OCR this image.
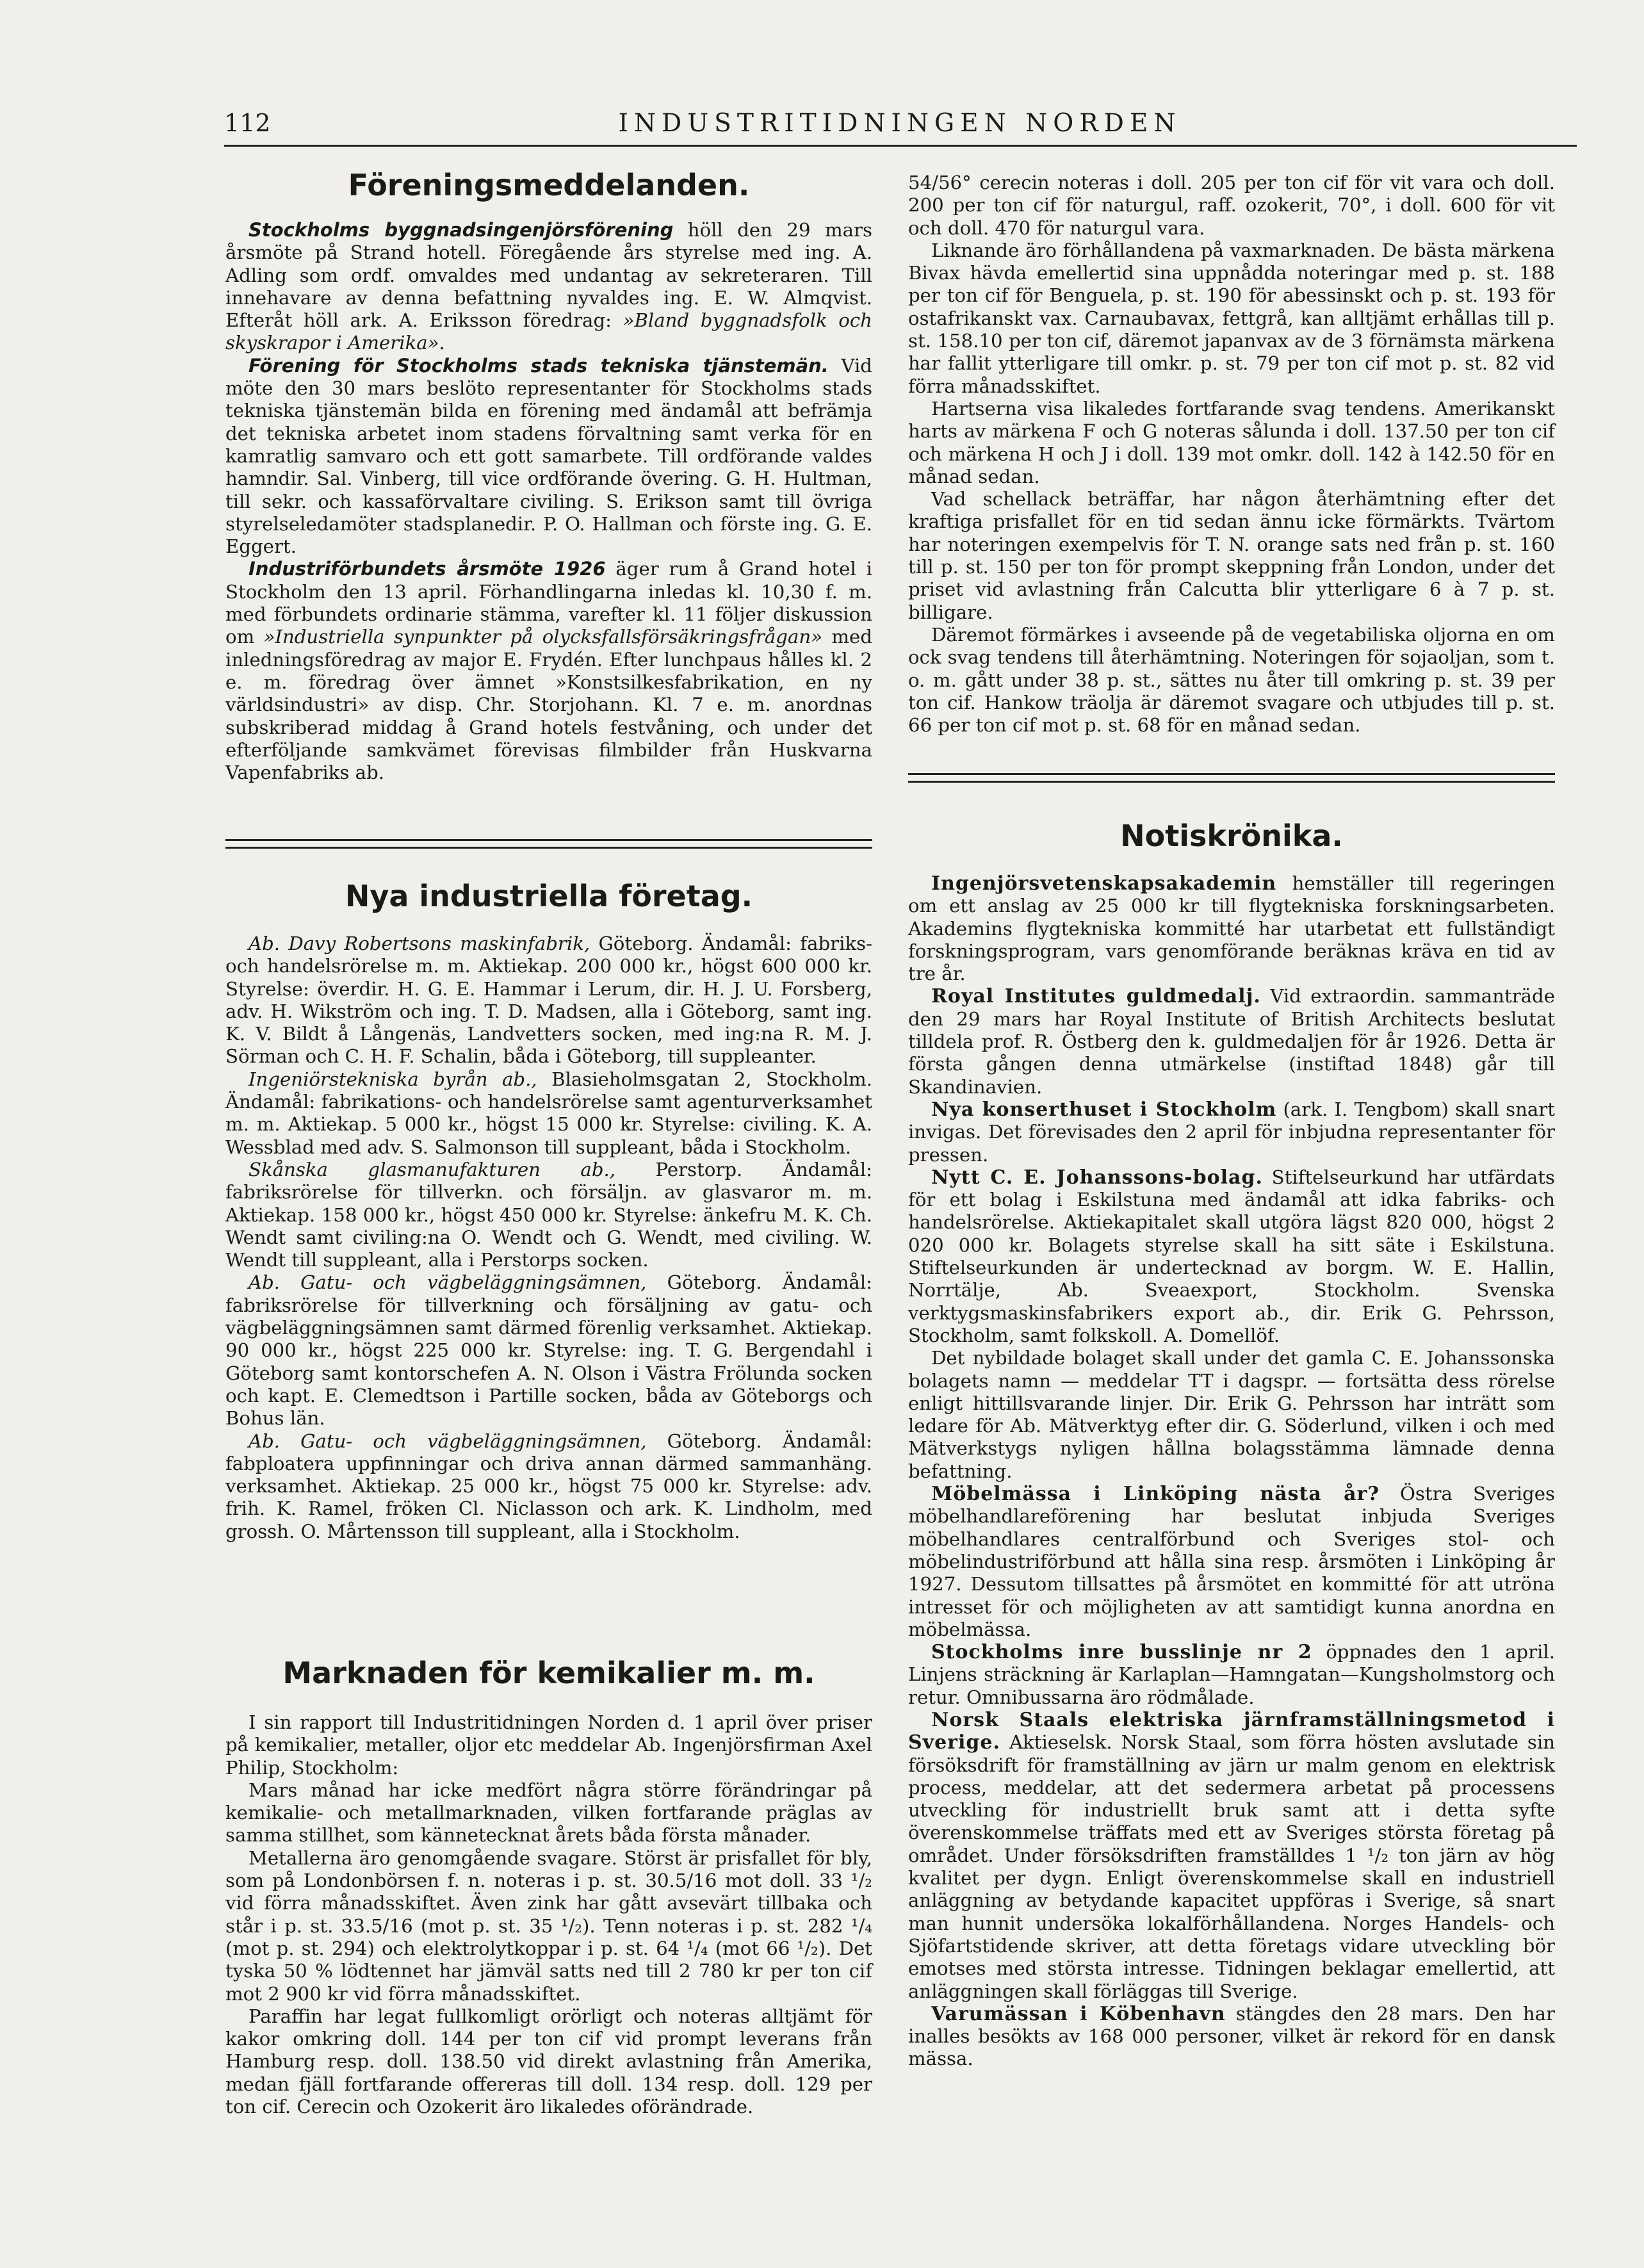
112	INDUSTRITIDNINGEN NORDEN
Föreningsmeddelanden.

Stockholms byggnadsingenjörsförening höll den 29 mars årsmöte på Strand hotell. Föregående års styrelse med ing. A. Adling som ordf. omvaldes med undantag av sekreteraren. Till innehavare av denna befattning nyvaldes ing. E. W. Almqvist. Efteråt höll ark. A. Eriksson föredrag: »Bland byggnadsfolk och skyskrapor i Amerika».

Förening för Stockholms stads tekniska tjänstemän. Vid möte den 30 mars beslöto representanter för Stockholms stads tekniska tjänstemän bilda en förening med ändamål att befrämja det tekniska arbetet inom stadens förvaltning samt verka för en kamratlig samvaro och ett gott samarbete. Till ordförande valdes hamndir. Sal. Vinberg, till vice ordförande övering. G. H. Hultman, till sekr. och kassaförvaltare civiling. S. Erikson samt till övriga styrelseledamöter stadsplanedir. P. O. Hallman och förste ing. G. E. Eggert.

Industriförbundets årsmöte 1926 äger rum å Grand hotel i Stockholm den 13 april. Förhandlingarna inledas kl. 10,30 f. m. med förbundets ordinarie stämma, varefter kl. 11 följer diskussion om »Industriella synpunkter på olycksfallsförsäkringsfrågan» med inledningsföredrag av major E. Frydén. Efter lunchpaus hålles kl. 2 e. m. föredrag över ämnet »Konstsilkesfabrikation, en ny världsindustri» av disp. Chr. Storjohann. Kl. 7 e. m. anordnas subskriberad middag å Grand hotels festvåning, och under det efterföljande samkvämet förevisas filmbilder från Huskvarna Vapenfabriks ab.

Nya industriella företag.

Ab. Davy Robertsons maskinfabrik, Göteborg. Ändamål: fabriks- och handelsrörelse m. m. Aktiekap. 200 000 kr., högst 600 000 kr. Styrelse: överdir. H. G. E. Hammar i Lerum, dir. H. J. U. Forsberg, adv. H. Wikström och ing. T. D. Madsen, alla i Göteborg, samt ing. K. V. Bildt å Långenäs, Landvetters socken, med ing:na R. M. J. Sörman och C. H. F. Schalin, båda i Göteborg, till suppleanter.

Ingeniörstekniska byrån ab., Blasieholmsgatan 2, Stockholm. Ändamål: fabrikations- och handelsrörelse samt agenturverksamhet m. m. Aktiekap. 5 000 kr., högst 15 000 kr. Styrelse: civiling. K. A. Wessblad med adv. S. Salmonson till suppleant, båda i Stockholm.

Skånska glasmanufakturen ab., Perstorp. Ändamål: fabriksrörelse för tillverkn. och försäljn. av glasvaror m. m. Aktiekap. 158 000 kr., högst 450 000 kr. Styrelse: änkefru M. K. Ch. Wendt samt civiling:na O. Wendt och G. Wendt, med civiling. W. Wendt till suppleant, alla i Perstorps socken.

Ab. Gatu- och vägbeläggningsämnen, Göteborg. Ändamål: fabriksrörelse för tillverkning och försäljning av gatu- och vägbeläggningsämnen samt därmed förenlig verksamhet. Aktiekap. 90 000 kr., högst 225 000 kr. Styrelse: ing. T. G. Bergendahl i Göteborg samt kontorschefen A. N. Olson i Västra Frölunda socken och kapt. E. Clemedtson i Partille socken, båda av Göteborgs och Bohus län.

Ab. Gatu- och vägbeläggningsämnen, Göteborg. Ändamål: fabploatera uppfinningar och driva annan därmed sammanhäng. verksamhet. Aktiekap. 25 000 kr., högst 75 000 kr. Styrelse: adv. frih. K. Ramel, fröken Cl. Niclasson och ark. K. Lindholm, med grossh. O. Mårtensson till suppleant, alla i Stockholm.

Marknaden för kemikalier m. m.

I sin rapport till Industritidningen Norden d. 1 april över priser på kemikalier, metaller, oljor etc meddelar Ab. Ingenjörsfirman Axel Philip, Stockholm:

Mars månad har icke medfört några större förändringar på kemikalie- och metallmarknaden, vilken fortfarande präglas av samma stillhet, som kännetecknat årets båda första månader.

Metallerna äro genomgående svagare. Störst är prisfallet för bly, som på Londonbörsen f. n. noteras i p. st. 30.5/16 mot doll. 33 ¹/₂ vid förra månadsskiftet. Även zink har gått avsevärt tillbaka och står i p. st. 33.5/16 (mot p. st. 35 ¹/₂). Tenn noteras i p. st. 282 ¹/₄ (mot p. st. 294) och elektrolytkoppar i p. st. 64 ¹/₄ (mot 66 ¹/₂). Det tyska 50 % lödtennet har jämväl satts ned till 2 780 kr per ton cif mot 2 900 kr vid förra månadsskiftet.

Paraffin har legat fullkomligt orörligt och noteras alltjämt för kakor omkring doll. 144 per ton cif vid prompt leverans från Hamburg resp. doll. 138.50 vid direkt avlastning från Amerika, medan fjäll fortfarande offereras till doll. 134 resp. doll. 129 per ton cif. Cerecin och Ozokerit äro likaledes oförändrade.

54/56° cerecin noteras i doll. 205 per ton cif för vit vara och doll. 200 per ton cif för naturgul, raff. ozokerit, 70°, i doll. 600 för vit och doll. 470 för naturgul vara.

Liknande äro förhållandena på vaxmarknaden. De bästa märkena Bivax hävda emellertid sina uppnådda noteringar med p. st. 188 per ton cif för Benguela, p. st. 190 för abessinskt och p. st. 193 för ostafrikanskt vax. Carnaubavax, fettgrå, kan alltjämt erhållas till p. st. 158.10 per ton cif, däremot japanvax av de 3 förnämsta märkena har fallit ytterligare till omkr. p. st. 79 per ton cif mot p. st. 82 vid förra månadsskiftet.

Hartserna visa likaledes fortfarande svag tendens. Amerikanskt harts av märkena F och G noteras sålunda i doll. 137.50 per ton cif och märkena H och J i doll. 139 mot omkr. doll. 142 à 142.50 för en månad sedan.

Vad schellack beträffar, har någon återhämtning efter det kraftiga prisfallet för en tid sedan ännu icke förmärkts. Tvärtom har noteringen exempelvis för T. N. orange sats ned från p. st. 160 till p. st. 150 per ton för prompt skeppning från London, under det priset vid avlastning från Calcutta blir ytterligare 6 à 7 p. st. billigare.

Däremot förmärkes i avseende på de vegetabiliska oljorna en om ock svag tendens till återhämtning. Noteringen för sojaoljan, som t. o. m. gått under 38 p. st., sättes nu åter till omkring p. st. 39 per ton cif. Hankow träolja är däremot svagare och utbjudes till p. st. 66 per ton cif mot p. st. 68 för en månad sedan.

Notiskrönika.

Ingenjörsvetenskapsakademin hemställer till regeringen om ett anslag av 25 000 kr till flygtekniska forskningsarbeten. Akademins flygtekniska kommitté har utarbetat ett fullständigt forskningsprogram, vars genomförande beräknas kräva en tid av tre år.

Royal Institutes guldmedalj. Vid extraordin. sammanträde den 29 mars har Royal Institute of British Architects beslutat tilldela prof. R. Östberg den k. guldmedaljen för år 1926. Detta är första gången denna utmärkelse (instiftad 1848) går till Skandinavien.

Nya konserthuset i Stockholm (ark. I. Tengbom) skall snart invigas. Det förevisades den 2 april för inbjudna representanter för pressen.

Nytt C. E. Johanssons-bolag. Stiftelseurkund har utfärdats för ett bolag i Eskilstuna med ändamål att idka fabriks- och handelsrörelse. Aktiekapitalet skall utgöra lägst 820 000, högst 2 020 000 kr. Bolagets styrelse skall ha sitt säte i Eskilstuna. Stiftelseurkunden är undertecknad av borgm. W. E. Hallin, Norrtälje, Ab. Sveaexport, Stockholm. Svenska verktygsmaskinsfabrikers export ab., dir. Erik G. Pehrsson, Stockholm, samt folkskoll. A. Domellöf.

Det nybildade bolaget skall under det gamla C. E. Johanssonska bolagets namn — meddelar TT i dagspr. — fortsätta dess rörelse enligt hittillsvarande linjer. Dir. Erik G. Pehrsson har inträtt som ledare för Ab. Mätverktyg efter dir. G. Söderlund, vilken i och med Mätverkstygs nyligen hållna bolagsstämma lämnade denna befattning.

Möbelmässa i Linköping nästa år? Östra Sveriges möbelhandlareförening har beslutat inbjuda Sveriges möbelhandlares centralförbund och Sveriges stol- och möbelindustriförbund att hålla sina resp. årsmöten i Linköping år 1927. Dessutom tillsattes på årsmötet en kommitté för att utröna intresset för och möjligheten av att samtidigt kunna anordna en möbelmässa.

Stockholms inre busslinje nr 2 öppnades den 1 april. Linjens sträckning är Karlaplan—Hamngatan—Kungsholmstorg och retur. Omnibussarna äro rödmålade.

Norsk Staals elektriska järnframställningsmetod i Sverige. Aktieselsk. Norsk Staal, som förra hösten avslutade sin försöksdrift för framställning av järn ur malm genom en elektrisk process, meddelar, att det sedermera arbetat på processens utveckling för industriellt bruk samt att i detta syfte överenskommelse träffats med ett av Sveriges största företag på området. Under försöksdriften framställdes 1 ¹/₂ ton järn av hög kvalitet per dygn. Enligt överenskommelse skall en industriell anläggning av betydande kapacitet uppföras i Sverige, så snart man hunnit undersöka lokalförhållandena. Norges Handels- och Sjöfartstidende skriver, att detta företags vidare utveckling bör emotses med största intresse. Tidningen beklagar emellertid, att anläggningen skall förläggas till Sverige.

Varumässan i Köbenhavn stängdes den 28 mars. Den har inalles besökts av 168 000 personer, vilket är rekord för en dansk mässa.
